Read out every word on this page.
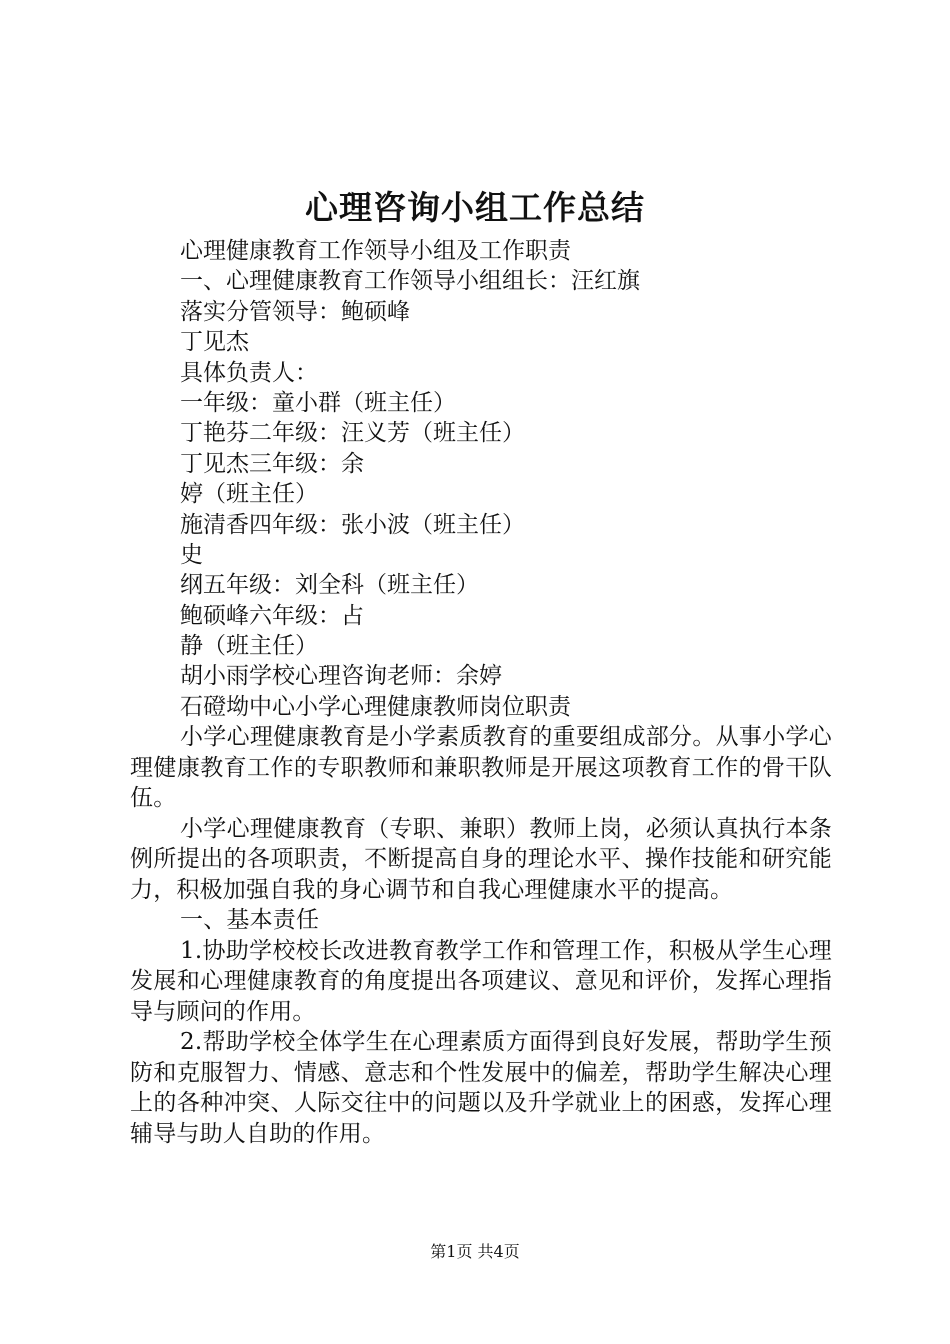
心理咨询小组工作总结

心理健康教育工作领导小组及工作职责

一、心理健康教育工作领导小组组长：汪红旗

落实分管领导：鲍硕峰

丁见杰

具体负责人：

一年级：童小群（班主任）

丁艳芬二年级：汪义芳（班主任）

丁见杰三年级：余

婷（班主任）

施清香四年级：张小波（班主任）

史

纲五年级：刘全科（班主任）

鲍硕峰六年级：占

静（班主任）

胡小雨学校心理咨询老师：余婷

石磴坳中心小学心理健康教师岗位职责

小学心理健康教育是小学素质教育的重要组成部分。从事小学心理健康教育工作的专职教师和兼职教师是开展这项教育工作的骨干队伍。

小学心理健康教育（专职、兼职）教师上岗，必须认真执行本条例所提出的各项职责，不断提高自身的理论水平、操作技能和研究能力，积极加强自我的身心调节和自我心理健康水平的提高。

一、基本责任

1.协助学校校长改进教育教学工作和管理工作，积极从学生心理发展和心理健康教育的角度提出各项建议、意见和评价，发挥心理指导与顾问的作用。

2.帮助学校全体学生在心理素质方面得到良好发展，帮助学生预防和克服智力、情感、意志和个性发展中的偏差，帮助学生解决心理上的各种冲突、人际交往中的问题以及升学就业上的困惑，发挥心理辅导与助人自助的作用。

第1页 共4页
